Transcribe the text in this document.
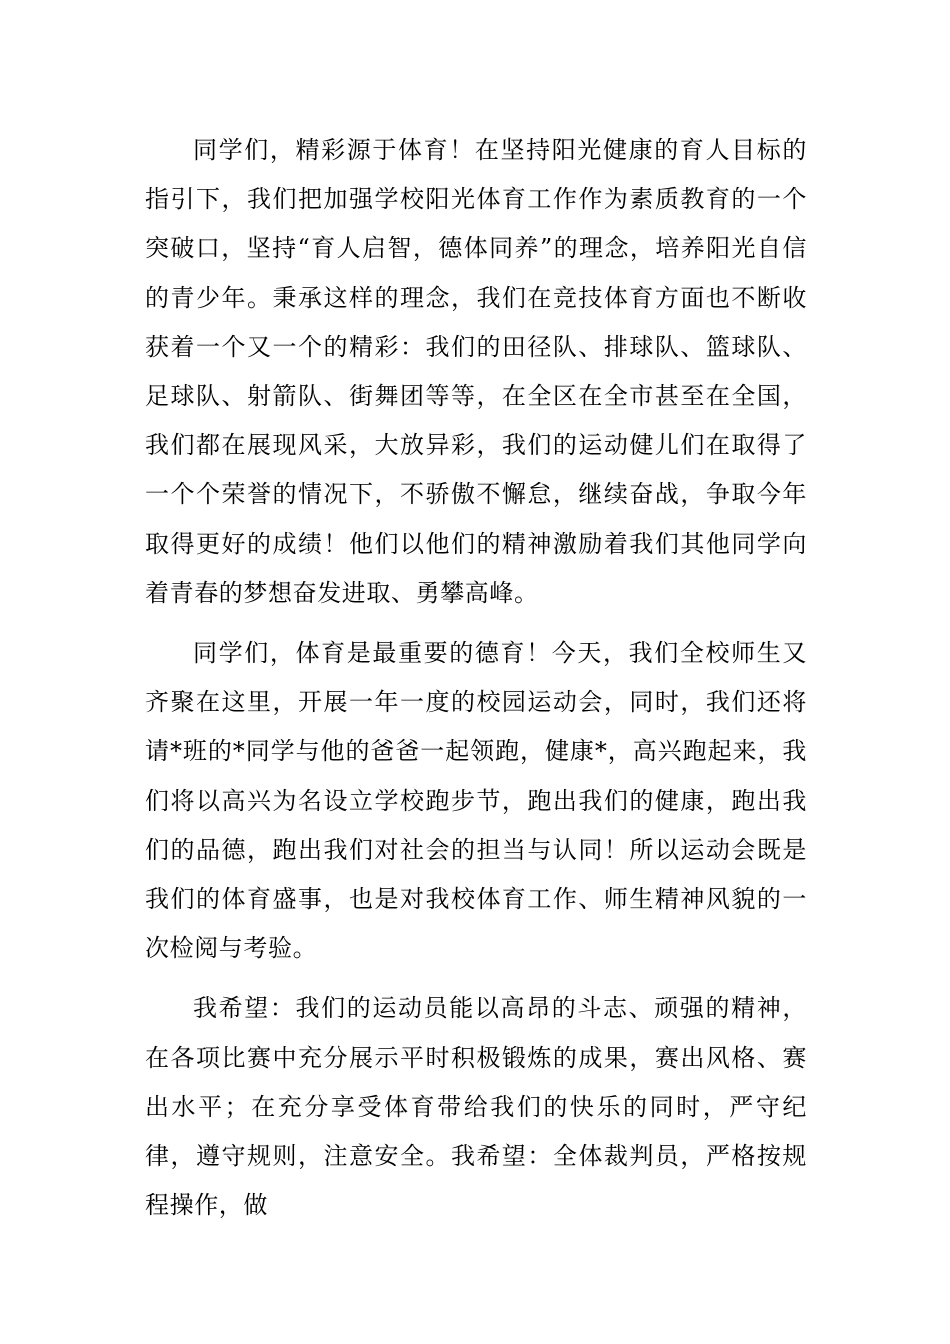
同学们，精彩源于体育！在坚持阳光健康的育人目标的指引下，我们把加强学校阳光体育工作作为素质教育的一个突破口，坚持“育人启智，德体同养”的理念，培养阳光自信的青少年。秉承这样的理念，我们在竞技体育方面也不断收获着一个又一个的精彩：我们的田径队、排球队、篮球队、足球队、射箭队、街舞团等等，在全区在全市甚至在全国，我们都在展现风采，大放异彩，我们的运动健儿们在取得了一个个荣誉的情况下，不骄傲不懈怠，继续奋战，争取今年取得更好的成绩！他们以他们的精神激励着我们其他同学向着青春的梦想奋发进取、勇攀高峰。

同学们，体育是最重要的德育！今天，我们全校师生又齐聚在这里，开展一年一度的校园运动会，同时，我们还将请*班的*同学与他的爸爸一起领跑，健康*，高兴跑起来，我们将以高兴为名设立学校跑步节，跑出我们的健康，跑出我们的品德，跑出我们对社会的担当与认同！所以运动会既是我们的体育盛事，也是对我校体育工作、师生精神风貌的一次检阅与考验。

我希望：我们的运动员能以高昂的斗志、顽强的精神，在各项比赛中充分展示平时积极锻炼的成果，赛出风格、赛出水平；在充分享受体育带给我们的快乐的同时，严守纪律，遵守规则，注意安全。我希望：全体裁判员，严格按规程操作，做
